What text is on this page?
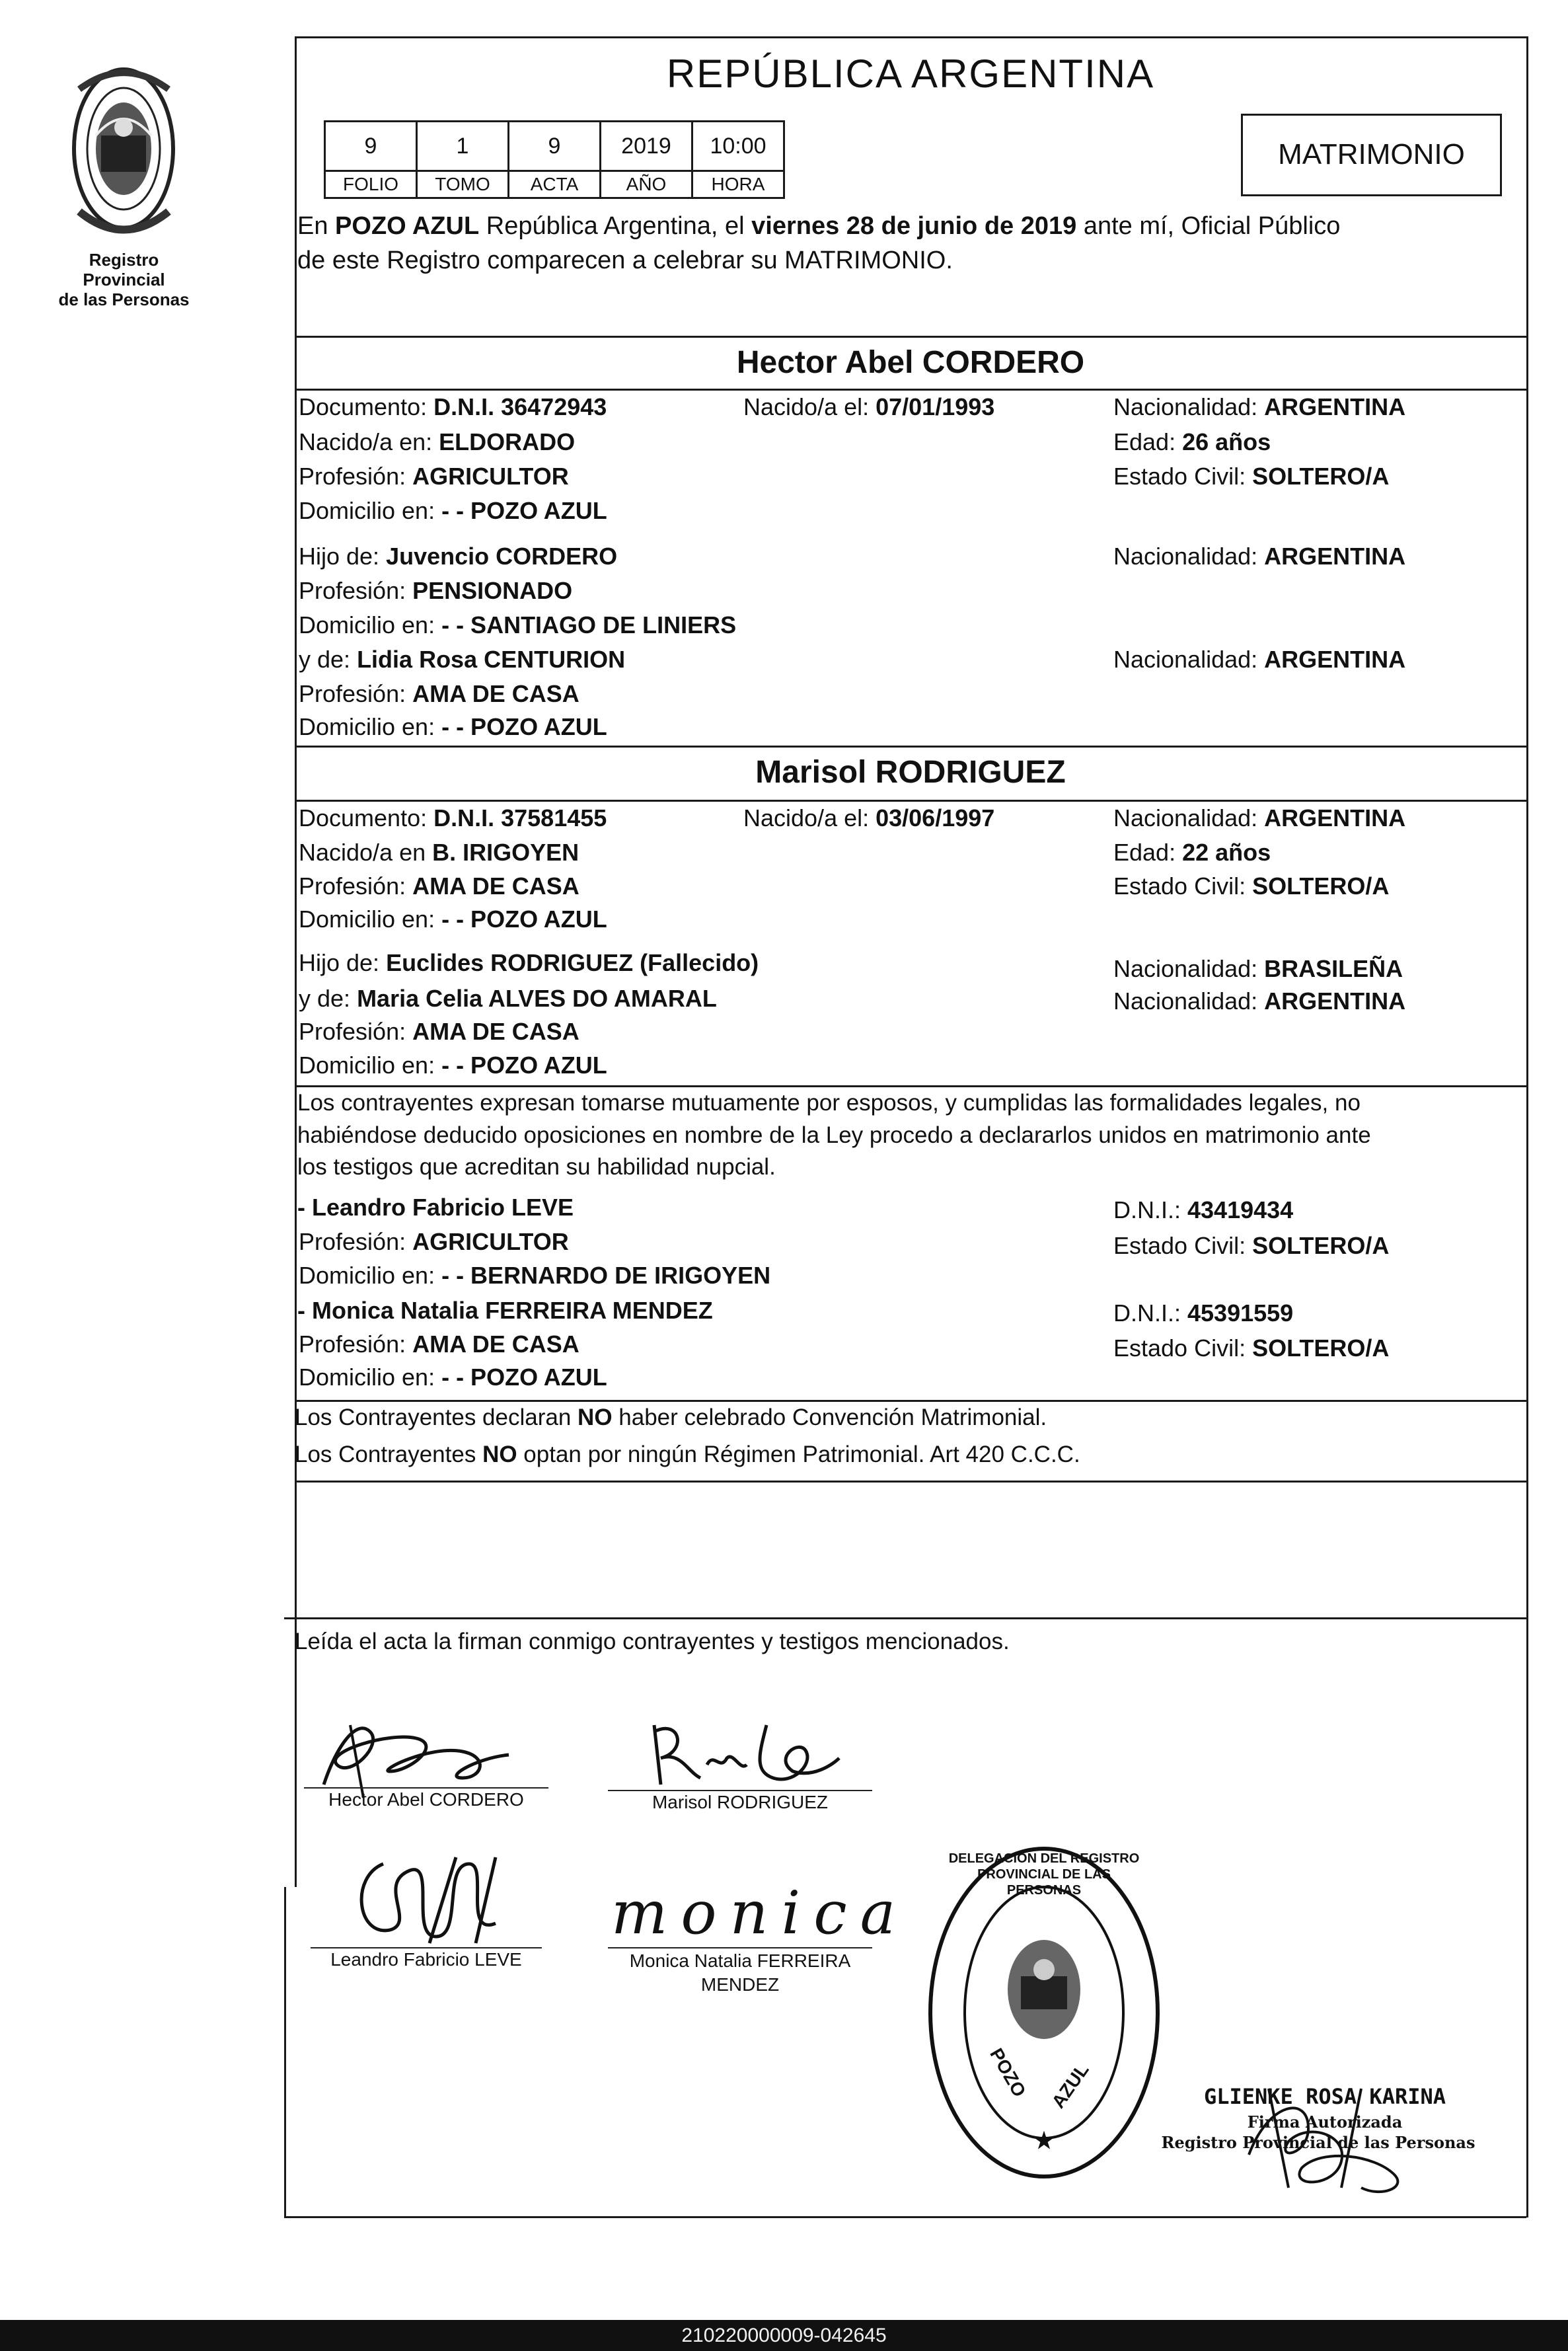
Registro Provincial
de las Personas
REPÚBLICA ARGENTINA
9	1	9	2019	10:00
FOLIO	TOMO	ACTA	AÑO	HORA
MATRIMONIO
En POZO AZUL República Argentina, el viernes 28 de junio de 2019 ante mí, Oficial Público
de este Registro comparecen a celebrar su MATRIMONIO.
Hector Abel CORDERO
Documento: D.N.I. 36472943	Nacido/a el: 07/01/1993	Nacionalidad: ARGENTINA
Nacido/a en: ELDORADO	Edad: 26 años
Profesión: AGRICULTOR	Estado Civil: SOLTERO/A
Domicilio en: - - POZO AZUL
Hijo de: Juvencio CORDERO	Nacionalidad: ARGENTINA
Profesión: PENSIONADO
Domicilio en: - - SANTIAGO DE LINIERS
y de: Lidia Rosa CENTURION	Nacionalidad: ARGENTINA
Profesión: AMA DE CASA
Domicilio en: - - POZO AZUL
Marisol RODRIGUEZ
Documento: D.N.I. 37581455	Nacido/a el: 03/06/1997	Nacionalidad: ARGENTINA
Nacido/a en B. IRIGOYEN	Edad: 22 años
Profesión: AMA DE CASA	Estado Civil: SOLTERO/A
Domicilio en: - - POZO AZUL
Hijo de: Euclides RODRIGUEZ (Fallecido)	Nacionalidad: BRASILEÑA
y de: Maria Celia ALVES DO AMARAL	Nacionalidad: ARGENTINA
Profesión: AMA DE CASA
Domicilio en: - - POZO AZUL
Los contrayentes expresan tomarse mutuamente por esposos, y cumplidas las formalidades legales, no
habiéndose deducido oposiciones en nombre de la Ley procedo a declararlos unidos en matrimonio ante
los testigos que acreditan su habilidad nupcial.
- Leandro Fabricio LEVE	D.N.I.: 43419434
Profesión: AGRICULTOR	Estado Civil: SOLTERO/A
Domicilio en: - - BERNARDO DE IRIGOYEN
- Monica Natalia FERREIRA MENDEZ	D.N.I.: 45391559
Profesión: AMA DE CASA	Estado Civil: SOLTERO/A
Domicilio en: - - POZO AZUL
Los Contrayentes declaran NO haber celebrado Convención Matrimonial.
Los Contrayentes NO optan por ningún Régimen Patrimonial. Art 420 C.C.C.
Leída el acta la firman conmigo contrayentes y testigos mencionados.
Hector Abel CORDERO	Marisol RODRIGUEZ
Leandro Fabricio LEVE
monica
Monica Natalia FERREIRA
MENDEZ
★
DELEGACION DEL REGISTRO PROVINCIAL DE LAS PERSONAS
POZO AZUL	GLIENKE ROSA KARINA
Firma Autorizada
Registro Provincial de las Personas
210220000009-042645
